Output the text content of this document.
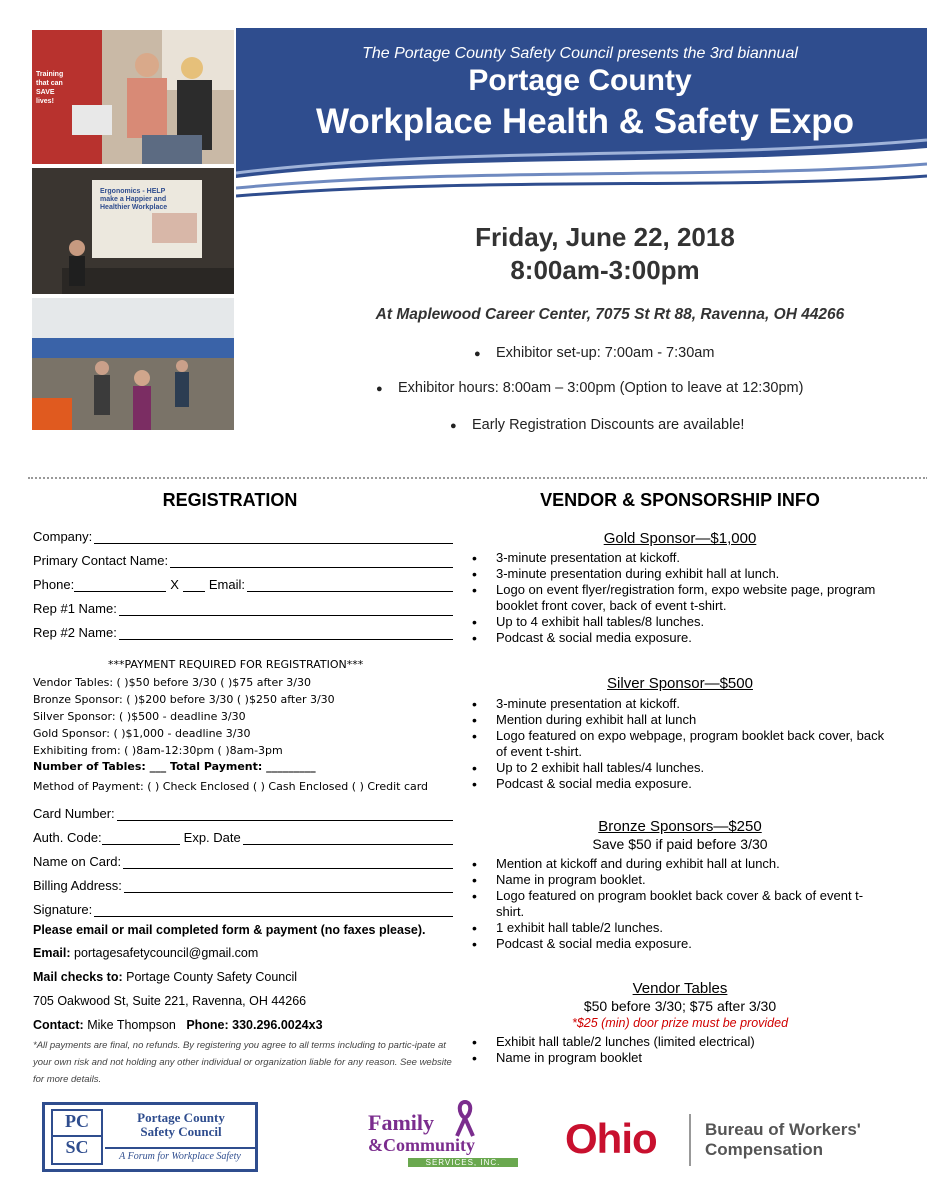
The Portage County Safety Council presents the 3rd biannual
Portage County
Workplace Health & Safety Expo
Training that can SAVE lives!
Ergonomics - HELP make a Happier and Healthier Workplace
Friday, June 22, 2018
8:00am-3:00pm
At Maplewood Career Center, 7075 St Rt 88, Ravenna, OH 44266
● Exhibitor set-up: 7:00am - 7:30am
● Exhibitor hours: 8:00am – 3:00pm (Option to leave at 12:30pm)
● Early Registration Discounts are available!
REGISTRATION
Company:
Primary Contact Name:
Phone:	X Email:
Rep #1 Name:
Rep #2 Name:
***PAYMENT REQUIRED FOR REGISTRATION***
Vendor Tables: ( )$50 before 3/30 ( )$75 after 3/30
Bronze Sponsor: ( )$200 before 3/30 ( )$250 after 3/30
Silver Sponsor: ( )$500 - deadline 3/30
Gold Sponsor: ( )$1,000 - deadline 3/30
Exhibiting from: ( )8am-12:30pm ( )8am-3pm
Number of Tables: ___ Total Payment: _________
Method of Payment: ( ) Check Enclosed ( ) Cash Enclosed ( ) Credit card
Card Number:
Auth. Code:	Exp. Date
Name on Card:
Billing Address:
Signature:
Please email or mail completed form & payment (no faxes please).
Email: portagesafetycouncil@gmail.com
Mail checks to: Portage County Safety Council
705 Oakwood St, Suite 221, Ravenna, OH 44266
Contact: Mike Thompson Phone: 330.296.0024x3
*All payments are final, no refunds. By registering you agree to all terms including to partic-ipate at your own risk and not holding any other individual or organization liable for any reason. See website for more details.
VENDOR & SPONSORSHIP INFO
Gold Sponsor—$1,000
• 3-minute presentation at kickoff.
• 3-minute presentation during exhibit hall at lunch.
• Logo on event flyer/registration form, expo website page, program booklet front cover, back of event t-shirt.
• Up to 4 exhibit hall tables/8 lunches.
• Podcast & social media exposure.
Silver Sponsor—$500
• 3-minute presentation at kickoff.
• Mention during exhibit hall at lunch
• Logo featured on expo webpage, program booklet back cover, back of event t-shirt.
• Up to 2 exhibit hall tables/4 lunches.
• Podcast & social media exposure.
Bronze Sponsors—$250
Save $50 if paid before 3/30
• Mention at kickoff and during exhibit hall at lunch.
• Name in program booklet.
• Logo featured on program booklet back cover & back of event t-shirt.
• 1 exhibit hall table/2 lunches.
• Podcast & social media exposure.
Vendor Tables
$50 before 3/30; $75 after 3/30
*$25 (min) door prize must be provided
• Exhibit hall table/2 lunches (limited electrical)
• Name in program booklet
PC
SC
Portage County
Safety Council
A Forum for Workplace Safety
Family
&Community
SERVICES, INC.
Ohio	Bureau of Workers'
Compensation
